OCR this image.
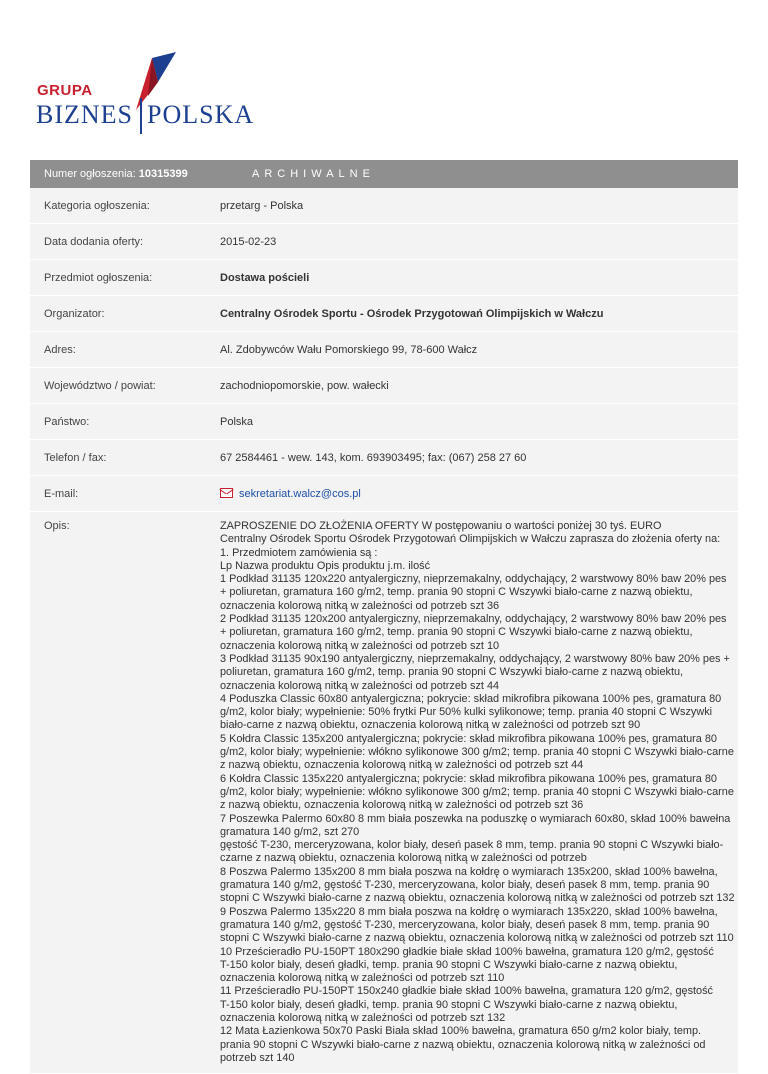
GRUPA
BIZNES POLSKA
Numer ogłoszenia: 10315399	ARCHIWALNE
Kategoria ogłoszenia:	przetarg - Polska
Data dodania oferty:	2015-02-23
Przedmiot ogłoszenia:	Dostawa pościeli
Organizator:	Centralny Ośrodek Sportu - Ośrodek Przygotowań Olimpijskich w Wałczu
Adres:	Al. Zdobywców Wału Pomorskiego 99, 78-600 Wałcz
Województwo / powiat:	zachodniopomorskie, pow. wałecki
Państwo:	Polska
Telefon / fax:	67 2584461 - wew. 143, kom. 693903495; fax: (067) 258 27 60
E-mail:	sekretariat.walcz@cos.pl
Opis:	ZAPROSZENIE DO ZŁOŻENIA OFERTY W postępowaniu o wartości poniżej 30 tyś. EURO
Centralny Ośrodek Sportu Ośrodek Przygotowań Olimpijskich w Wałczu zaprasza do złożenia oferty na:
1. Przedmiotem zamówienia są :
Lp Nazwa produktu Opis produktu j.m. ilość
1 Podkład 31135 120x220 antyalergiczny, nieprzemakalny, oddychający, 2 warstwowy 80% baw 20% pes
+ poliuretan, gramatura 160 g/m2, temp. prania 90 stopni C Wszywki biało-carne z nazwą obiektu,
oznaczenia kolorową nitką w zależności od potrzeb szt 36
2 Podkład 31135 120x200 antyalergiczny, nieprzemakalny, oddychający, 2 warstwowy 80% baw 20% pes
+ poliuretan, gramatura 160 g/m2, temp. prania 90 stopni C Wszywki biało-carne z nazwą obiektu,
oznaczenia kolorową nitką w zależności od potrzeb szt 10
3 Podkład 31135 90x190 antyalergiczny, nieprzemakalny, oddychający, 2 warstwowy 80% baw 20% pes +
poliuretan, gramatura 160 g/m2, temp. prania 90 stopni C Wszywki biało-carne z nazwą obiektu,
oznaczenia kolorową nitką w zależności od potrzeb szt 44
4 Poduszka Classic 60x80 antyalergiczna; pokrycie: skład mikrofibra pikowana 100% pes, gramatura 80
g/m2, kolor biały; wypełnienie: 50% frytki Pur 50% kulki sylikonowe; temp. prania 40 stopni C Wszywki
biało-carne z nazwą obiektu, oznaczenia kolorową nitką w zależności od potrzeb szt 90
5 Kołdra Classic 135x200 antyalergiczna; pokrycie: skład mikrofibra pikowana 100% pes, gramatura 80
g/m2, kolor biały; wypełnienie: włókno sylikonowe 300 g/m2; temp. prania 40 stopni C Wszywki biało-carne
z nazwą obiektu, oznaczenia kolorową nitką w zależności od potrzeb szt 44
6 Kołdra Classic 135x220 antyalergiczna; pokrycie: skład mikrofibra pikowana 100% pes, gramatura 80
g/m2, kolor biały; wypełnienie: włókno sylikonowe 300 g/m2; temp. prania 40 stopni C Wszywki biało-carne
z nazwą obiektu, oznaczenia kolorową nitką w zależności od potrzeb szt 36
7 Poszewka Palermo 60x80 8 mm biała poszewka na poduszkę o wymiarach 60x80, skład 100% bawełna
gramatura 140 g/m2, szt 270
gęstość T-230, merceryzowana, kolor biały, deseń pasek 8 mm, temp. prania 90 stopni C Wszywki biało-
czarne z nazwą obiektu, oznaczenia kolorową nitką w zależności od potrzeb
8 Poszwa Palermo 135x200 8 mm biała poszwa na kołdrę o wymiarach 135x200, skład 100% bawełna,
gramatura 140 g/m2, gęstość T-230, merceryzowana, kolor biały, deseń pasek 8 mm, temp. prania 90
stopni C Wszywki biało-carne z nazwą obiektu, oznaczenia kolorową nitką w zależności od potrzeb szt 132
9 Poszwa Palermo 135x220 8 mm biała poszwa na kołdrę o wymiarach 135x220, skład 100% bawełna,
gramatura 140 g/m2, gęstość T-230, merceryzowana, kolor biały, deseń pasek 8 mm, temp. prania 90
stopni C Wszywki biało-carne z nazwą obiektu, oznaczenia kolorową nitką w zależności od potrzeb szt 110
10 Prześcieradło PU-150PT 180x290 gładkie białe skład 100% bawełna, gramatura 120 g/m2, gęstość
T-150 kolor biały, deseń gładki, temp. prania 90 stopni C Wszywki biało-carne z nazwą obiektu,
oznaczenia kolorową nitką w zależności od potrzeb szt 110
11 Prześcieradło PU-150PT 150x240 gładkie białe skład 100% bawełna, gramatura 120 g/m2, gęstość
T-150 kolor biały, deseń gładki, temp. prania 90 stopni C Wszywki biało-carne z nazwą obiektu,
oznaczenia kolorową nitką w zależności od potrzeb szt 132
12 Mata Łazienkowa 50x70 Paski Biała skład 100% bawełna, gramatura 650 g/m2 kolor biały, temp.
prania 90 stopni C Wszywki biało-carne z nazwą obiektu, oznaczenia kolorową nitką w zależności od
potrzeb szt 140
